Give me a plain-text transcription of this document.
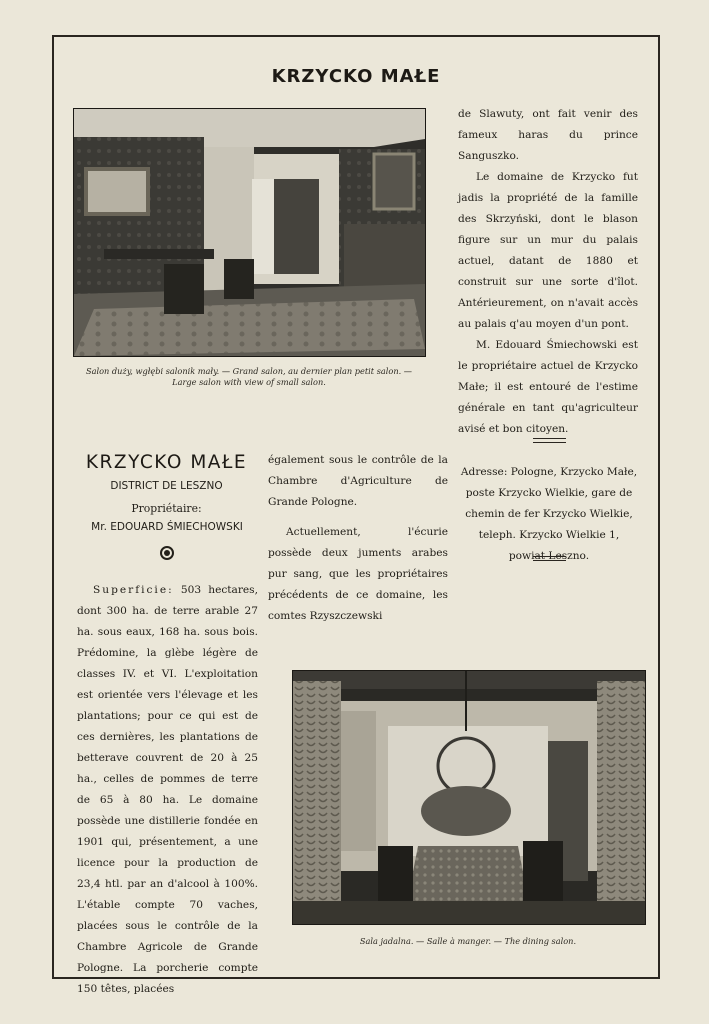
KRZYCKO MAŁE
Salon duży, wgłębi salonik mały. — Grand salon, au dernier plan petit salon. —
Large salon with view of small salon.

de Slawuty, ont fait venir des fameux haras du prince Sanguszko.

Le domaine de Krzycko fut jadis la propriété de la famille des Skrzyński, dont le blason figure sur un mur du palais actuel, datant de 1880 et construit sur une sorte d'îlot. Antérieurement, on n'avait accès au palais q'au moyen d'un pont.

M. Edouard Śmiechowski est le propriétaire actuel de Krzycko Małe; il est entouré de l'estime générale en tant qu'agriculteur avisé et bon citoyen.

KRZYCKO MAŁE
DISTRICT DE LESZNO
Propriétaire:
Mr. EDOUARD ŚMIECHOWSKI

Superficie: 503 hectares, dont 300 ha. de terre arable 27 ha. sous eaux, 168 ha. sous bois. Prédomine, la glèbe légère de classes IV. et VI. L'exploitation est orientée vers l'élevage et les plantations; pour ce qui est de ces dernières, les plantations de betterave couvrent de 20 à 25 ha., celles de pommes de terre de 65 à 80 ha. Le domaine possède une distillerie fondée en 1901 qui, présentement, a une licence pour la production de 23,4 htl. par an d'alcool à 100%. L'étable compte 70 vaches, placées sous le contrôle de la Chambre Agricole de Grande Pologne. La porcherie compte 150 têtes, placées

également sous le contrôle de la Chambre d'Agriculture de Grande Pologne.

Actuellement, l'écurie possède deux juments arabes pur sang, que les propriétaires précédents de ce domaine, les comtes Rzyszczewski

Adresse: Pologne, Krzycko Małe, poste Krzycko Wielkie, gare de chemin de fer Krzycko Wielkie, teleph. Krzycko Wielkie 1, powiat Leszno.

Sala jadalna. — Salle à manger. — The dining salon.
